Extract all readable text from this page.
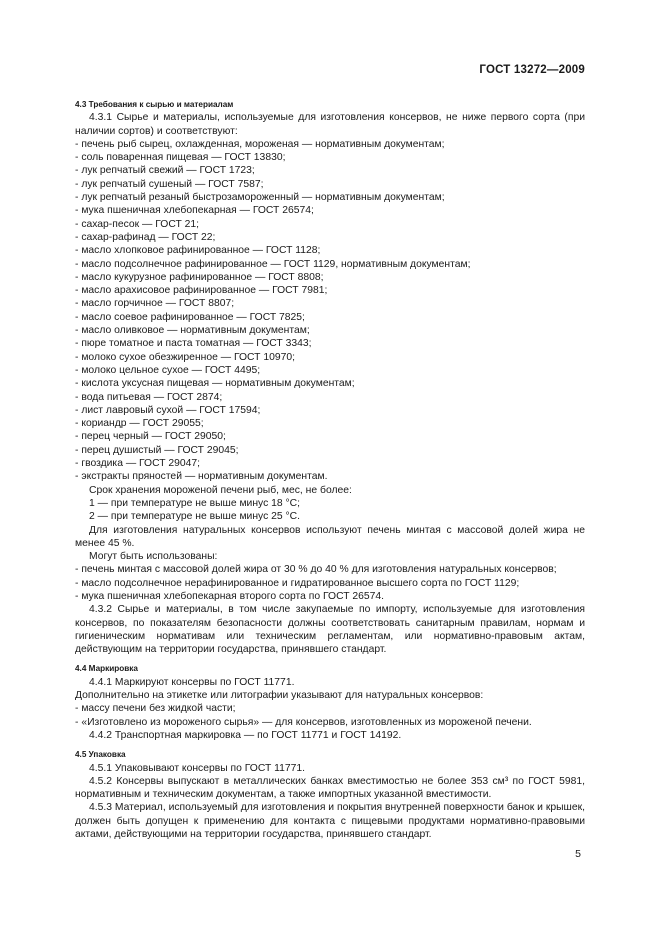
ГОСТ 13272—2009
4.3 Требования к сырью и материалам

4.3.1 Сырье и материалы, используемые для изготовления консервов, не ниже первого сорта (при наличии сортов) и соответствуют:

- печень рыб сырец, охлажденная, мороженая — нормативным документам;

- соль поваренная пищевая — ГОСТ 13830;

- лук репчатый свежий — ГОСТ 1723;

- лук репчатый сушеный — ГОСТ 7587;

- лук репчатый резаный быстрозамороженный — нормативным документам;

- мука пшеничная хлебопекарная — ГОСТ 26574;

- сахар-песок — ГОСТ 21;

- сахар-рафинад — ГОСТ 22;

- масло хлопковое рафинированное — ГОСТ 1128;

- масло подсолнечное рафинированное — ГОСТ 1129, нормативным документам;

- масло кукурузное рафинированное — ГОСТ 8808;

- масло арахисовое рафинированное — ГОСТ 7981;

- масло горчичное — ГОСТ 8807;

- масло соевое рафинированное — ГОСТ 7825;

- масло оливковое — нормативным документам;

- пюре томатное и паста томатная — ГОСТ 3343;

- молоко сухое обезжиренное — ГОСТ 10970;

- молоко цельное сухое — ГОСТ 4495;

- кислота уксусная пищевая — нормативным документам;

- вода питьевая — ГОСТ 2874;

- лист лавровый сухой — ГОСТ 17594;

- кориандр — ГОСТ 29055;

- перец черный — ГОСТ 29050;

- перец душистый — ГОСТ 29045;

- гвоздика — ГОСТ 29047;

- экстракты пряностей — нормативным документам.

Срок хранения мороженой печени рыб, мес, не более:

1 — при температуре не выше минус 18 °С;

2 — при температуре не выше минус 25 °С.

Для изготовления натуральных консервов используют печень минтая с массовой долей жира не менее 45 %.

Могут быть использованы:

- печень минтая с массовой долей жира от 30 % до 40 % для изготовления натуральных консервов;

- масло подсолнечное нерафинированное и гидратированное высшего сорта по ГОСТ 1129;

- мука пшеничная хлебопекарная второго сорта по ГОСТ 26574.

4.3.2 Сырье и материалы, в том числе закупаемые по импорту, используемые для изготовления консервов, по показателям безопасности должны соответствовать санитарным правилам, нормам и гигиеническим нормативам или техническим регламентам, или нормативно-правовым актам, действующим на территории государства, принявшего стандарт.

4.4 Маркировка

4.4.1 Маркируют консервы по ГОСТ 11771.

Дополнительно на этикетке или литографии указывают для натуральных консервов:

- массу печени без жидкой части;

- «Изготовлено из мороженого сырья» — для консервов, изготовленных из мороженой печени.

4.4.2 Транспортная маркировка — по ГОСТ 11771 и ГОСТ 14192.

4.5 Упаковка

4.5.1 Упаковывают консервы по ГОСТ 11771.

4.5.2 Консервы выпускают в металлических банках вместимостью не более 353 см³ по ГОСТ 5981, нормативным и техническим документам, а также импортных указанной вместимости.

4.5.3 Материал, используемый для изготовления и покрытия внутренней поверхности банок и крышек, должен быть допущен к применению для контакта с пищевыми продуктами нормативно-правовыми актами, действующими на территории государства, принявшего стандарт.

5
